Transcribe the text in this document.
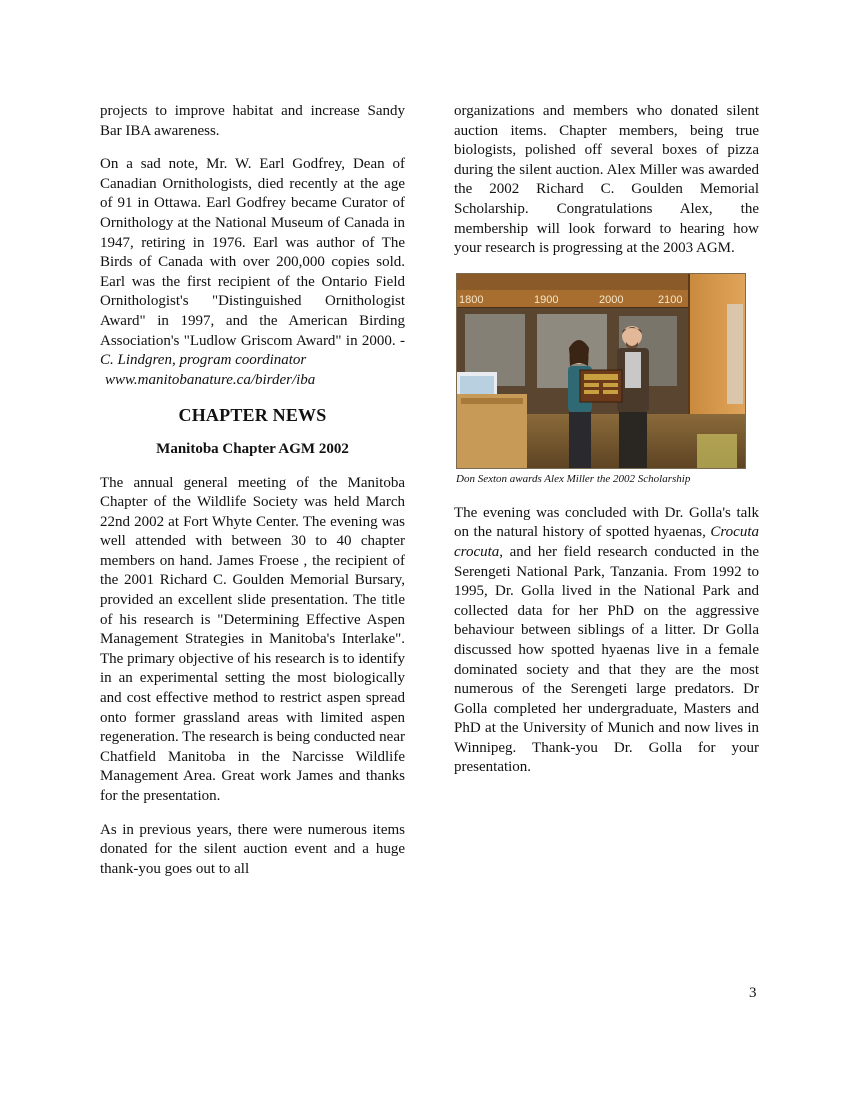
projects to improve habitat and increase Sandy Bar IBA awareness.

On a sad note, Mr. W. Earl Godfrey, Dean of Canadian Ornithologists, died recently at the age of 91 in Ottawa. Earl Godfrey became Curator of Ornithology at the National Museum of Canada in 1947, retiring in 1976. Earl was author of The Birds of Canada with over 200,000 copies sold. Earl was the first recipient of the Ontario Field Ornithologist's "Distinguished Ornithologist Award" in 1997, and the American Birding Association's "Ludlow Griscom Award" in 2000. - C. Lindgren, program coordinator
www.manitobanature.ca/birder/iba

CHAPTER NEWS
Manitoba Chapter AGM 2002

The annual general meeting of the Manitoba Chapter of the Wildlife Society was held March 22nd 2002 at Fort Whyte Center. The evening was well attended with between 30 to 40 chapter members on hand. James Froese , the recipient of the 2001 Richard C. Goulden Memorial Bursary, provided an excellent slide presentation. The title of his research is "Determining Effective Aspen Management Strategies in Manitoba's Interlake". The primary objective of his research is to identify in an experimental setting the most biologically and cost effective method to restrict aspen spread onto former grassland areas with limited aspen regeneration. The research is being conducted near Chatfield Manitoba in the Narcisse Wildlife Management Area. Great work James and thanks for the presentation.

As in previous years, there were numerous items donated for the silent auction event and a huge thank-you goes out to all

organizations and members who donated silent auction items. Chapter members, being true biologists, polished off several boxes of pizza during the silent auction. Alex Miller was awarded the 2002 Richard C. Goulden Memorial Scholarship. Congratulations Alex, the membership will look forward to hearing how your research is progressing at the 2003 AGM.

1800	1900	2000	2100
Don Sexton awards Alex Miller the 2002 Scholarship

The evening was concluded with Dr. Golla's talk on the natural history of spotted hyaenas, Crocuta crocuta, and her field research conducted in the Serengeti National Park, Tanzania. From 1992 to 1995, Dr. Golla lived in the National Park and collected data for her PhD on the aggressive behaviour between siblings of a litter. Dr Golla discussed how spotted hyaenas live in a female dominated society and that they are the most numerous of the Serengeti large predators. Dr Golla completed her undergraduate, Masters and PhD at the University of Munich and now lives in Winnipeg. Thank-you Dr. Golla for your presentation.

3
